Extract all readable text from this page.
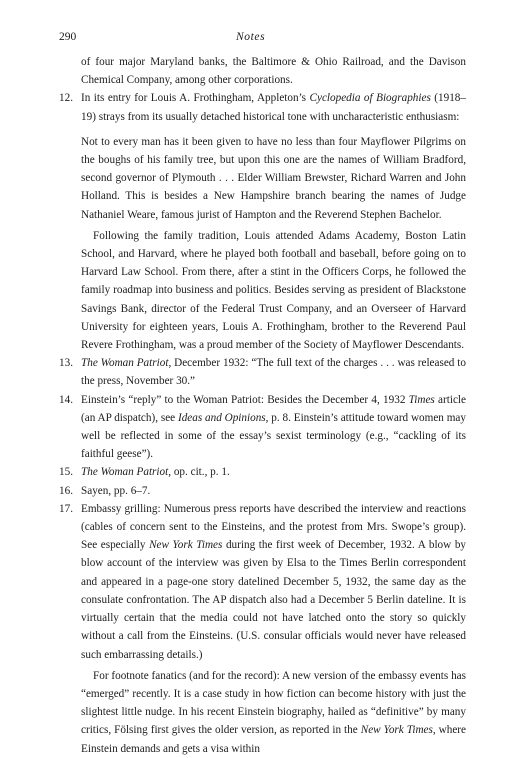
290	Notes

of four major Maryland banks, the Baltimore & Ohio Railroad, and the Davison Chemical Company, among other corporations.

12. In its entry for Louis A. Frothingham, Appleton’s Cyclopedia of Biographies (1918–19) strays from its usually detached historical tone with uncharacteristic enthusiasm:

Not to every man has it been given to have no less than four Mayflower Pilgrims on the boughs of his family tree, but upon this one are the names of William Bradford, second governor of Plymouth . . . Elder William Brewster, Richard Warren and John Holland. This is besides a New Hampshire branch bearing the names of Judge Nathaniel Weare, famous jurist of Hampton and the Reverend Stephen Bachelor.

Following the family tradition, Louis attended Adams Academy, Boston Latin School, and Harvard, where he played both football and baseball, before going on to Harvard Law School. From there, after a stint in the Officers Corps, he followed the family roadmap into business and politics. Besides serving as president of Blackstone Savings Bank, director of the Federal Trust Company, and an Overseer of Harvard University for eighteen years, Louis A. Frothingham, brother to the Reverend Paul Revere Frothingham, was a proud member of the Society of Mayflower Descendants.

13. The Woman Patriot, December 1932: “The full text of the charges . . . was released to the press, November 30.”

14. Einstein’s “reply” to the Woman Patriot: Besides the December 4, 1932 Times article (an AP dispatch), see Ideas and Opinions, p. 8. Einstein’s attitude toward women may well be reflected in some of the essay’s sexist terminology (e.g., “cackling of its faithful geese”).

15. The Woman Patriot, op. cit., p. 1.

16. Sayen, pp. 6–7.

17. Embassy grilling: Numerous press reports have described the interview and reactions (cables of concern sent to the Einsteins, and the protest from Mrs. Swope’s group). See especially New York Times during the first week of December, 1932. A blow by blow account of the interview was given by Elsa to the Times Berlin correspondent and appeared in a page-one story datelined December 5, 1932, the same day as the consulate confrontation. The AP dispatch also had a December 5 Berlin dateline. It is virtually certain that the media could not have latched onto the story so quickly without a call from the Einsteins. (U.S. consular officials would never have released such embarrassing details.)

For footnote fanatics (and for the record): A new version of the embassy events has “emerged” recently. It is a case study in how fiction can become history with just the slightest little nudge. In his recent Einstein biography, hailed as “definitive” by many critics, Fölsing first gives the older version, as reported in the New York Times, where Einstein demands and gets a visa within
